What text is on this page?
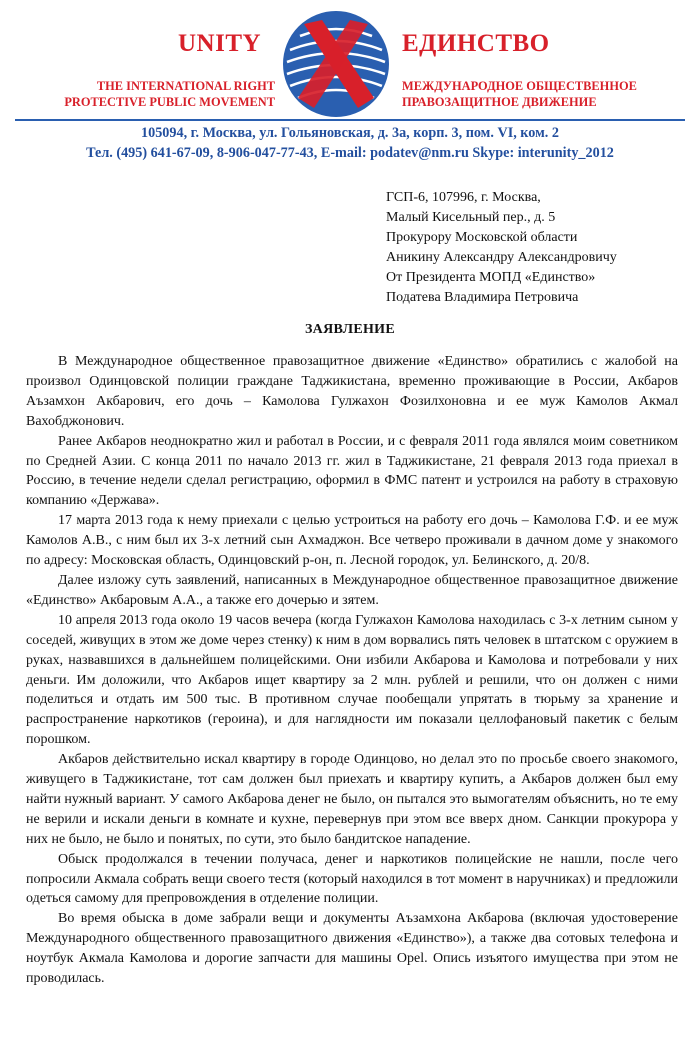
UNITY	ЕДИНСТВО
THE INTERNATIONAL RIGHT
PROTECTIVE PUBLIC MOVEMENT
МЕЖДУНАРОДНОЕ ОБЩЕСТВЕННОЕ
ПРАВОЗАЩИТНОЕ ДВИЖЕНИЕ
105094, г. Москва, ул. Гольяновская, д. 3а, корп. 3, пом. VI, ком. 2
Тел. (495) 641-67-09, 8-906-047-77-43, E-mail: podatev@nm.ru Skype: interunity_2012
ГСП-6, 107996, г. Москва,
Малый Кисельный пер., д. 5
Прокурору Московской области
Аникину Александру Александровичу
От Президента МОПД «Единство»
Податева Владимира Петровича
ЗАЯВЛЕНИЕ

В Международное общественное правозащитное движение «Единство» обратились с жалобой на произвол Одинцовской полиции граждане Таджикистана, временно проживающие в России, Акбаров Аъзамхон Акбарович, его дочь – Камолова Гулжахон Фозилхоновна и ее муж Камолов Акмал Вахобджонович.

Ранее Акбаров неоднократно жил и работал в России, и с февраля 2011 года являлся моим советником по Средней Азии. С конца 2011 по начало 2013 гг. жил в Таджикистане, 21 февраля 2013 года приехал в Россию, в течение недели сделал регистрацию, оформил в ФМС патент и устроился на работу в страховую компанию «Держава».

17 марта 2013 года к нему приехали с целью устроиться на работу его дочь – Камолова Г.Ф. и ее муж Камолов А.В., с ним был их 3-х летний сын Ахмаджон. Все четверо проживали в дачном доме у знакомого по адресу: Московская область, Одинцовский р-он, п. Лесной городок, ул. Белинского, д. 20/8.

Далее изложу суть заявлений, написанных в Международное общественное правозащитное движение «Единство» Акбаровым А.А., а также его дочерью и зятем.

10 апреля 2013 года около 19 часов вечера (когда Гулжахон Камолова находилась с 3-х летним сыном у соседей, живущих в этом же доме через стенку) к ним в дом ворвались пять человек в штатском с оружием в руках, назвавшихся в дальнейшем полицейскими. Они избили Акбарова и Камолова и потребовали у них деньги. Им доложили, что Акбаров ищет квартиру за 2 млн. рублей и решили, что он должен с ними поделиться и отдать им 500 тыс. В противном случае пообещали упрятать в тюрьму за хранение и распространение наркотиков (героина), и для наглядности им показали целлофановый пакетик с белым порошком.

Акбаров действительно искал квартиру в городе Одинцово, но делал это по просьбе своего знакомого, живущего в Таджикистане, тот сам должен был приехать и квартиру купить, а Акбаров должен был ему найти нужный вариант. У самого Акбарова денег не было, он пытался это вымогателям объяснить, но те ему не верили и искали деньги в комнате и кухне, перевернув при этом все вверх дном. Санкции прокурора у них не было, не было и понятых, по сути, это было бандитское нападение.

Обыск продолжался в течении получаса, денег и наркотиков полицейские не нашли, после чего попросили Акмала собрать вещи своего тестя (который находился в тот момент в наручниках) и предложили одеться самому для препровождения в отделение полиции.

Во время обыска в доме забрали вещи и документы Аъзамхона Акбарова (включая удостоверение Международного общественного правозащитного движения «Единство»), а также два сотовых телефона и ноутбук Акмала Камолова и дорогие запчасти для машины Opel. Опись изъятого имущества при этом не проводилась.
